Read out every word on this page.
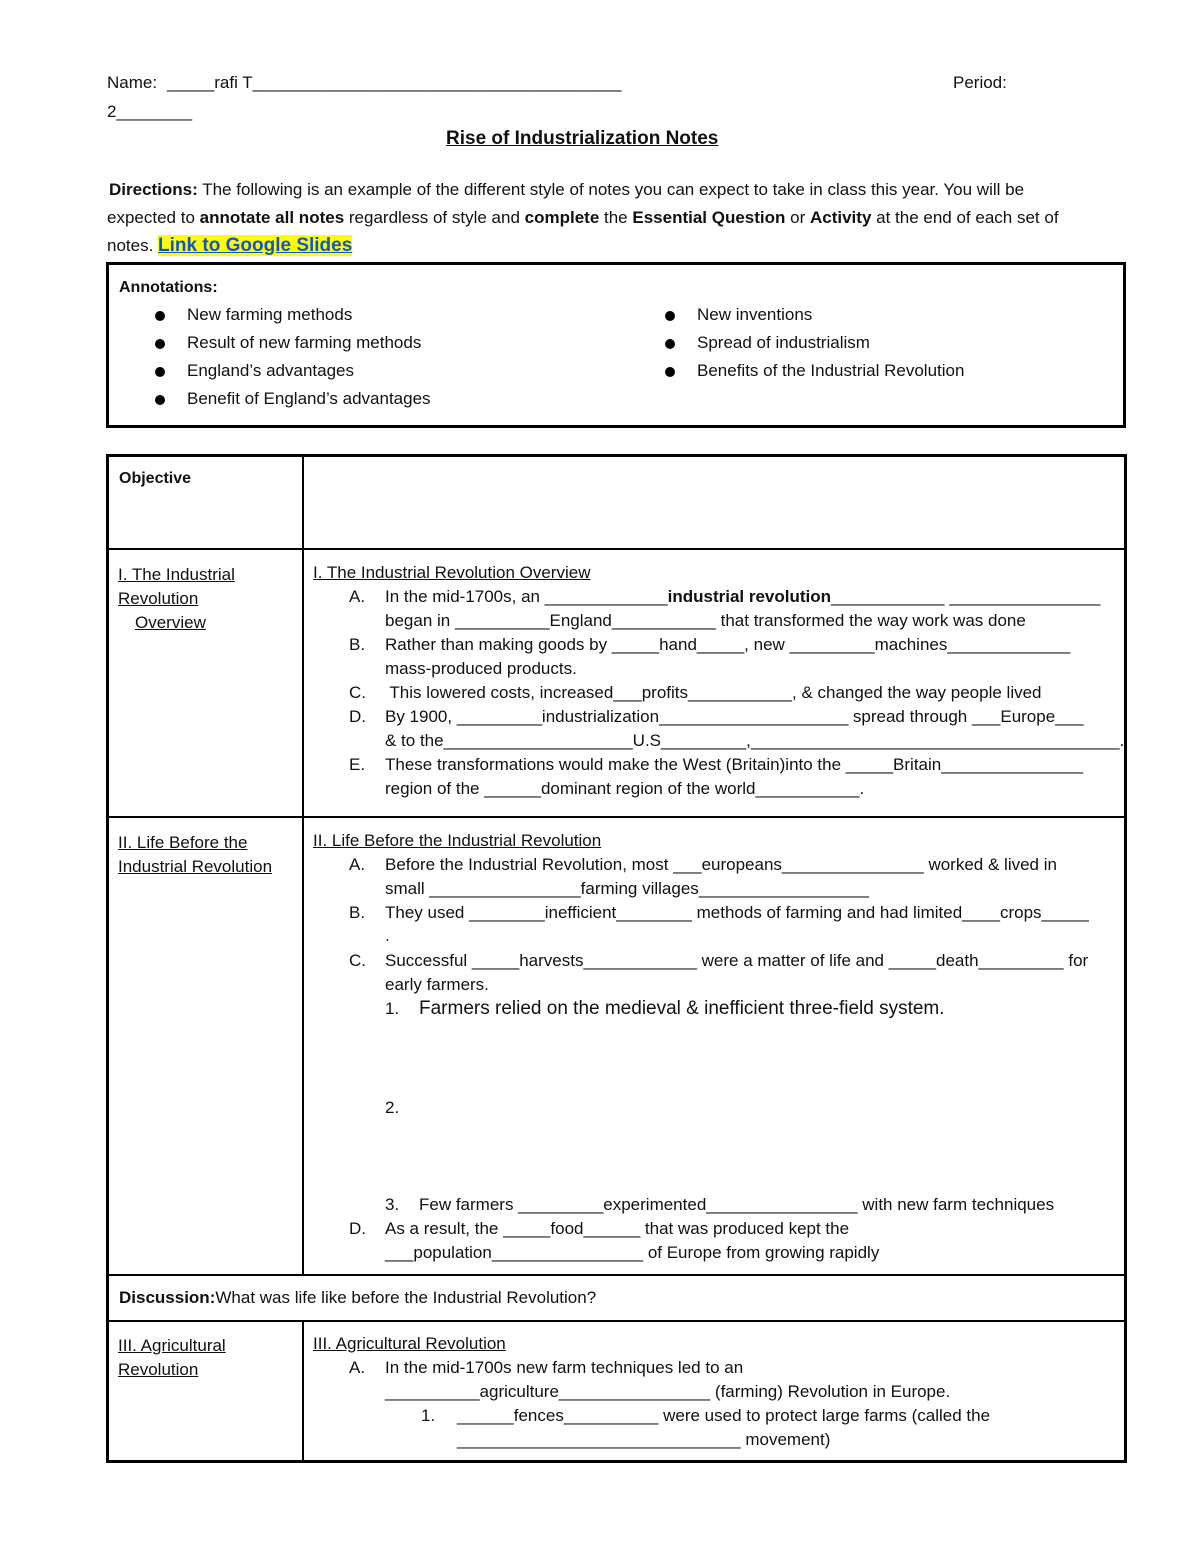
Name: _____rafi T_______________________________________	Period:
2________
Rise of Industrialization Notes
Directions: The following is an example of the different style of notes you can expect to take in class this year. You will be
expected to annotate all notes regardless of style and complete the Essential Question or Activity at the end of each set of
notes. Link to Google Slides
Annotations:
New farming methods
Result of new farming methods
England’s advantages
Benefit of England’s advantages
New inventions
Spread of industrialism
Benefits of the Industrial Revolution
Objective
I. The Industrial
Revolution
Overview
I. The Industrial Revolution Overview
A. In the mid-1700s, an _____________industrial revolution____________ ________________
began in __________England___________ that transformed the way work was done
B. Rather than making goods by _____hand_____, new _________machines_____________
mass-produced products.
C. This lowered costs, increased___profits___________, & changed the way people lived
D. By 1900, _________industrialization____________________ spread through ___Europe___
& to the____________________U.S_________,_______________________________________.
E. These transformations would make the West (Britain)into the _____Britain_______________
region of the ______dominant region of the world___________.
II. Life Before the
Industrial Revolution
II. Life Before the Industrial Revolution
A. Before the Industrial Revolution, most ___europeans_______________ worked & lived in
small ________________farming villages__________________
B. They used ________inefficient________ methods of farming and had limited____crops_____
.
C. Successful _____harvests____________ were a matter of life and _____death_________ for
early farmers.
1. Farmers relied on the medieval & inefficient three-field system.
2.
3. Few farmers _________experimented________________ with new farm techniques
D. As a result, the _____food______ that was produced kept the
___population________________ of Europe from growing rapidly
Discussion:What was life like before the Industrial Revolution?
III. Agricultural
Revolution
III. Agricultural Revolution
A. In the mid-1700s new farm techniques led to an
__________agriculture________________ (farming) Revolution in Europe.
1. ______fences__________ were used to protect large farms (called the
______________________________ movement)
